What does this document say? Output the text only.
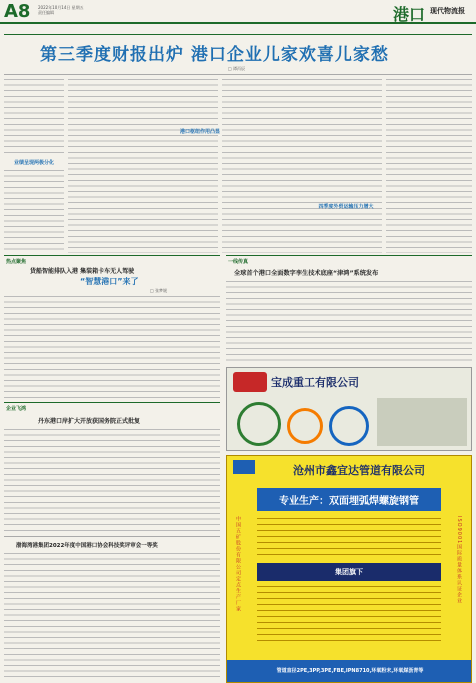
A8 2022年10月14日 星期五
责任编辑	港口 现代物流报
第三季度财报出炉 港口企业儿家欢喜儿家愁
□ 谭丙辰
业绩呈现两极分化
港口枢纽作用凸显
四季度外贸运输压力增大
热点聚焦
货船智能排队入港 集装箱卡车无人驾驶
“智慧港口”来了
□ 张梦媛
企业飞鸿
丹东港口岸扩大开放获国务院正式批复
渤海湾港集团2022年度中国港口协会科技奖评审会一等奖
一线传真
全球首个港口全面数字孪生技术底座“津鸿”系统发布
宝成重工有限公司
沧州市鑫宜达管道有限公司
专业生产：双面埋弧焊螺旋钢管
集团旗下
管道直径2PE,3PP,3PE,FBE,IPN8710,环氧粉末,环氧煤沥青等
中国五矿股份有限公司定点生产厂家	ISO9001国际质量体系认证企业
